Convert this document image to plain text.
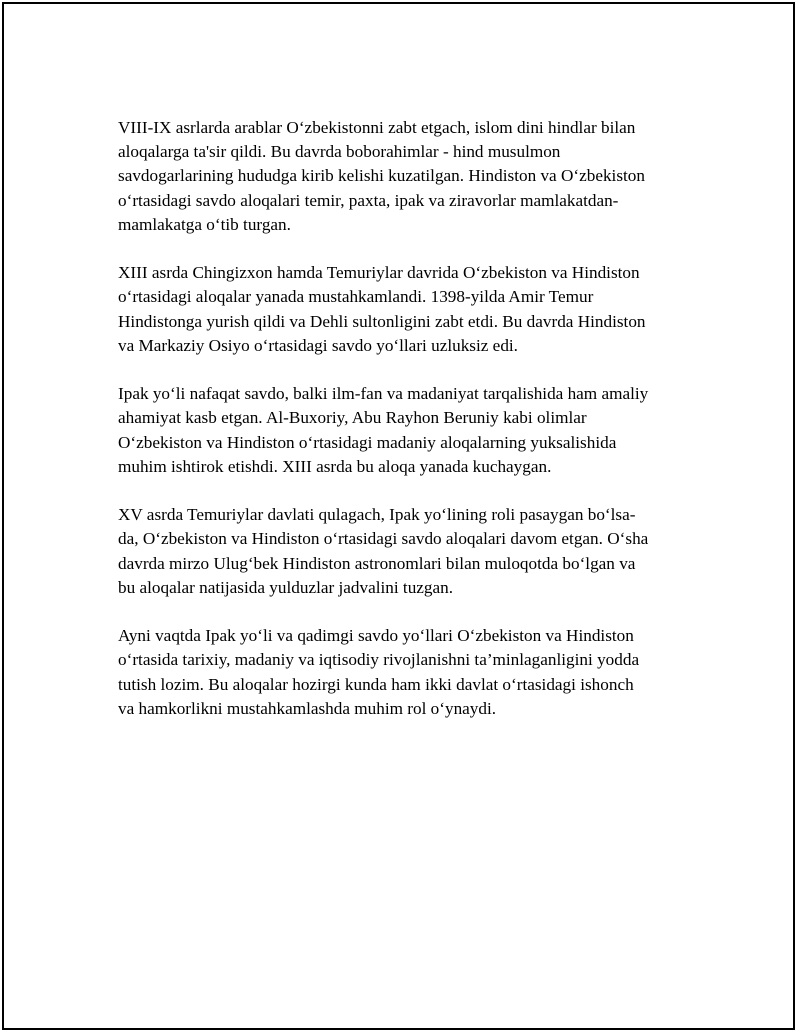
VIII-IX asrlarda arablar O‘zbekistonni zabt etgach, islom dini hindlar bilan
aloqalarga ta'sir qildi. Bu davrda boborahimlar - hind musulmon
savdogarlarining hududga kirib kelishi kuzatilgan. Hindiston va O‘zbekiston
o‘rtasidagi savdo aloqalari temir, paxta, ipak va ziravorlar mamlakatdan-
mamlakatga o‘tib turgan.

XIII asrda Chingizxon hamda Temuriylar davrida O‘zbekiston va Hindiston
o‘rtasidagi aloqalar yanada mustahkamlandi. 1398-yilda Amir Temur
Hindistonga yurish qildi va Dehli sultonligini zabt etdi. Bu davrda Hindiston
va Markaziy Osiyo o‘rtasidagi savdo yo‘llari uzluksiz edi.

Ipak yo‘li nafaqat savdo, balki ilm-fan va madaniyat tarqalishida ham amaliy
ahamiyat kasb etgan. Al-Buxoriy, Abu Rayhon Beruniy kabi olimlar
O‘zbekiston va Hindiston o‘rtasidagi madaniy aloqalarning yuksalishida
muhim ishtirok etishdi. XIII asrda bu aloqa yanada kuchaygan.

XV asrda Temuriylar davlati qulagach, Ipak yo‘lining roli pasaygan bo‘lsa-
da, O‘zbekiston va Hindiston o‘rtasidagi savdo aloqalari davom etgan. O‘sha
davrda mirzo Ulug‘bek Hindiston astronomlari bilan muloqotda bo‘lgan va
bu aloqalar natijasida yulduzlar jadvalini tuzgan.

Ayni vaqtda Ipak yo‘li va qadimgi savdo yo‘llari O‘zbekiston va Hindiston
o‘rtasida tarixiy, madaniy va iqtisodiy rivojlanishni ta’minlaganligini yodda
tutish lozim. Bu aloqalar hozirgi kunda ham ikki davlat o‘rtasidagi ishonch
va hamkorlikni mustahkamlashda muhim rol o‘ynaydi.
